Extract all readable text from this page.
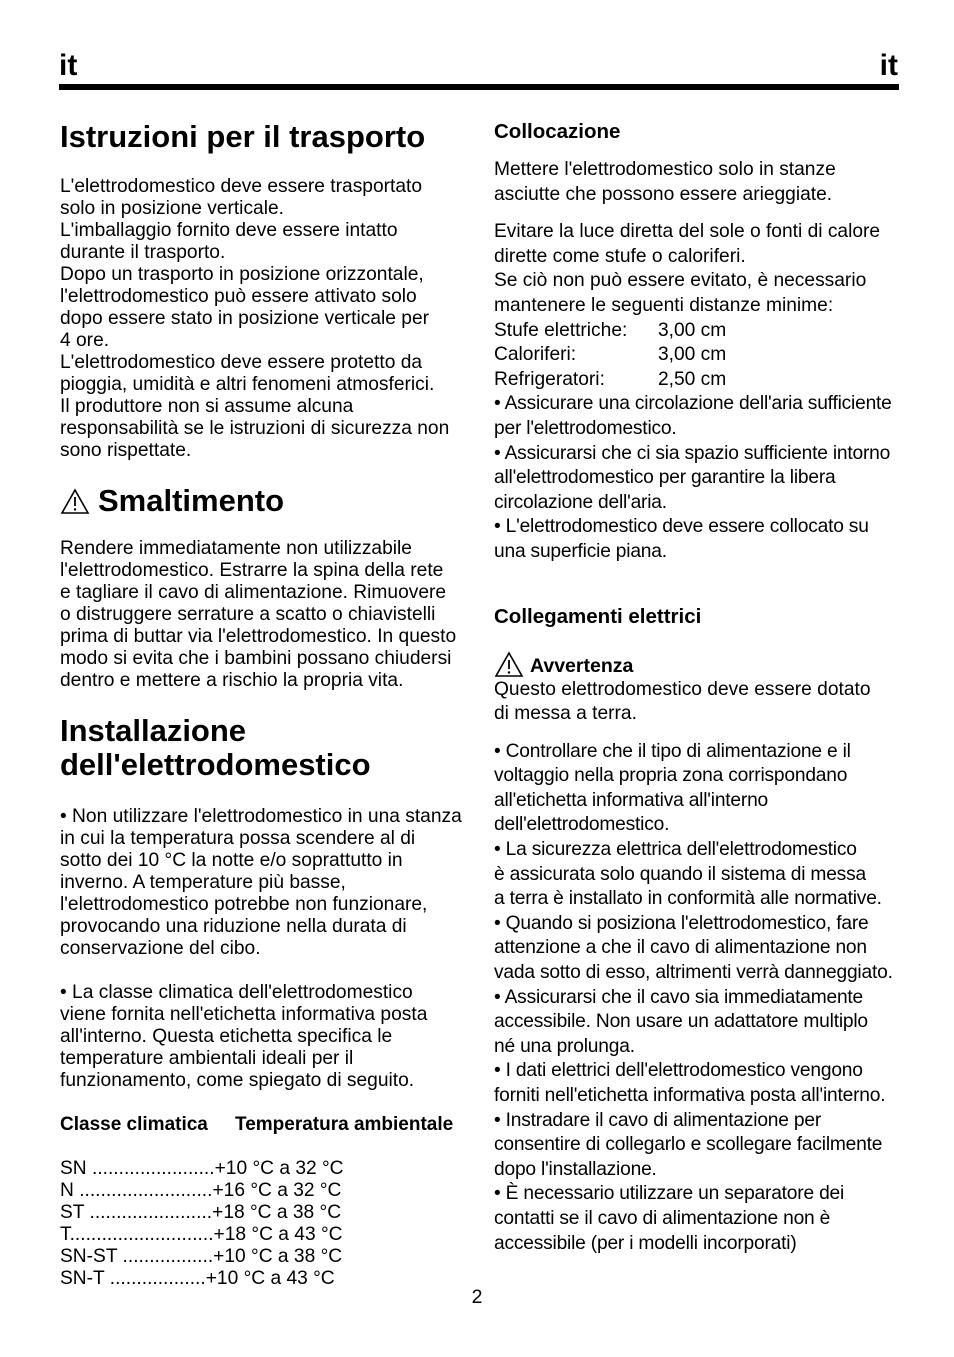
it	it
Istruzioni per il trasporto

L'elettrodomestico deve essere trasportato
solo in posizione verticale.
L'imballaggio fornito deve essere intatto
durante il trasporto.
Dopo un trasporto in posizione orizzontale,
l'elettrodomestico può essere attivato solo
dopo essere stato in posizione verticale per
4 ore.
L'elettrodomestico deve essere protetto da
pioggia, umidità e altri fenomeni atmosferici.
Il produttore non si assume alcuna
responsabilità se le istruzioni di sicurezza non
sono rispettate.

Smaltimento

Rendere immediatamente non utilizzabile
l'elettrodomestico. Estrarre la spina della rete
e tagliare il cavo di alimentazione. Rimuovere
o distruggere serrature a scatto o chiavistelli
prima di buttar via l'elettrodomestico. In questo
modo si evita che i bambini possano chiudersi
dentro e mettere a rischio la propria vita.

Installazione
dell'elettrodomestico

• Non utilizzare l'elettrodomestico in una stanza
in cui la temperatura possa scendere al di
sotto dei 10 °C la notte e/o soprattutto in
inverno. A temperature più basse,
l'elettrodomestico potrebbe non funzionare,
provocando una riduzione nella durata di
conservazione del cibo.

• La classe climatica dell'elettrodomestico
viene fornita nell'etichetta informativa posta
all'interno. Questa etichetta specifica le
temperature ambientali ideali per il
funzionamento, come spiegato di seguito.

Classe climatica	Temperatura ambientale
SN .......................+10 °C a 32 °C
N .........................+16 °C a 32 °C
ST .......................+18 °C a 38 °C
T...........................+18 °C a 43 °C
SN-ST .................+10 °C a 38 °C
SN-T ..................+10 °C a 43 °C
Collocazione

Mettere l'elettrodomestico solo in stanze
asciutte che possono essere arieggiate.

Evitare la luce diretta del sole o fonti di calore
dirette come stufe o caloriferi.
Se ciò non può essere evitato, è necessario
mantenere le seguenti distanze minime:

Stufe elettriche:	3,00 cm
Caloriferi:	3,00 cm
Refrigeratori:	2,50 cm

• Assicurare una circolazione dell'aria sufficiente
per l'elettrodomestico.
• Assicurarsi che ci sia spazio sufficiente intorno
all'elettrodomestico per garantire la libera
circolazione dell'aria.
• L'elettrodomestico deve essere collocato su
una superficie piana.

Collegamenti elettrici
Avvertenza

Questo elettrodomestico deve essere dotato
di messa a terra.

• Controllare che il tipo di alimentazione e il
voltaggio nella propria zona corrispondano
all'etichetta informativa all'interno
dell'elettrodomestico.
• La sicurezza elettrica dell'elettrodomestico
è assicurata solo quando il sistema di messa
a terra è installato in conformità alle normative.
• Quando si posiziona l'elettrodomestico, fare
attenzione a che il cavo di alimentazione non
vada sotto di esso, altrimenti verrà danneggiato.
• Assicurarsi che il cavo sia immediatamente
accessibile. Non usare un adattatore multiplo
né una prolunga.
• I dati elettrici dell'elettrodomestico vengono
forniti nell'etichetta informativa posta all'interno.
• Instradare il cavo di alimentazione per
consentire di collegarlo e scollegare facilmente
dopo l'installazione.
• È necessario utilizzare un separatore dei
contatti se il cavo di alimentazione non è
accessibile (per i modelli incorporati)

2
